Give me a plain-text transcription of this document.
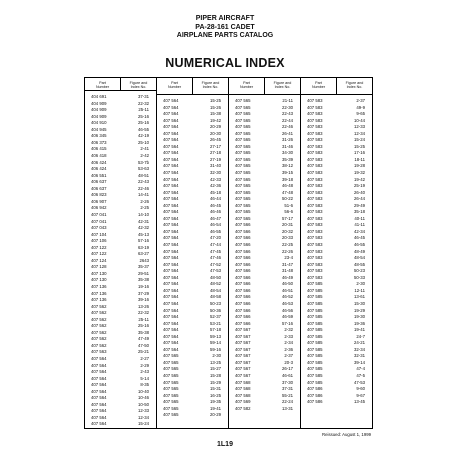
PIPER AIRCRAFT
PA-28-161 CADET
AIRPLANE PARTS CATALOG
NUMERICAL INDEX
Part
Number
Figure and
Index No.
404 691	37-31
404 909	22-32
404 909	25-11
404 909	25-16
404 910	25-16
404 945	46-55
406 345	42-19
406 373	25-10
406 415	2-41
406 418	2-42
406 424	53-7b
406 424	53-63
406 551	48-51
406 637	22-43
406 637	22-46
406 823	14-41
406 907	2-26
406 942	2-25
407 041	14-10
407 041	42-31
407 043	42-32
407 104	45-13
407 106	57-16
407 122	63-19
407 122	63-27
407 124	2643
407 128	35-37
407 130	29-51
407 130	35-38
407 136	19-16
407 136	37-29
407 136	39-16
407 562	13-26
407 562	22-32
407 562	25-11
407 562	25-16
407 562	35-38
407 562	47-49
407 562	47-50
407 563	25-21
407 564	2-27
407 564	2-29
407 564	2-43
407 564	5-14
407 564	8-35
407 564	10-40
407 564	10-46
407 564	10-50
407 564	12-33
407 564	12-34
407 564	15-24
Part
Number
Figure and
Index No.
407 564	15-25
407 564	15-26
407 564	15-38
407 564	19-42
407 564	20-29
407 564	20-30
407 564	26-45
407 564	27-17
407 564	27-18
407 564	27-19
407 564	31-40
407 564	32-30
407 564	42-33
407 564	42-36
407 564	45-18
407 564	46-44
407 564	46-45
407 564	46-46
407 564	46-47
407 564	46-54
407 564	46-55
407 564	47-20
407 564	47-44
407 564	47-45
407 564	47-46
407 564	47-52
407 564	47-53
407 564	48-50
407 564	48-52
407 564	48-54
407 564	48-58
407 564	50-23
407 564	50-36
407 564	52-37
407 564	53-21
407 564	57-18
407 564	59-13
407 564	59-14
407 564	59-16
407 565	2-30
407 565	13-25
407 565	15-27
407 565	15-28
407 565	15-29
407 565	15-31
407 565	16-25
407 565	19-35
407 565	19-41
407 565	20-29
Part
Number
Figure and
Index No.
407 565	21-11
407 565	22-30
407 565	22-43
407 565	22-44
407 565	22-46
407 565	26-41
407 565	31-26
407 565	31-46
407 565	34-30
407 565	35-39
407 565	38-12
407 565	39-15
407 565	39-18
407 565	46-48
407 565	47-48
407 565	50-22
407 565	51-6
407 565	56-6
407 565	57-17
407 566	20-31
407 566	20-32
407 566	20-33
407 566	22-25
407 566	22-26
407 566	23-4
407 566	31-47
407 566	31-48
407 566	46-49
407 566	46-50
407 566	46-51
407 566	46-52
407 566	46-53
407 566	46-56
407 566	46-59
407 566	57-16
407 567	2-32
407 567	2-33
407 567	2-34
407 567	2-36
407 567	2-37
407 567	20-3
407 567	26-17
407 567	46-61
407 568	37-30
407 568	37-31
407 568	55-21
407 569	22-24
407 582	13-31
Part
Number
Figure and
Index No.
407 583	2-37
407 583	49-9
407 583	9-65
407 583	10-44
407 583	12-33
407 583	12-34
407 583	15-24
407 583	15-25
407 583	17-16
407 583	18-11
407 583	19-28
407 583	19-32
407 583	19-42
407 583	25-19
407 583	26-40
407 583	26-44
407 583	29-49
407 583	35-18
407 583	40-11
407 583	41-11
407 583	42-34
407 583	46-45
407 583	46-55
407 583	48-49
407 583	48-54
407 583	48-55
407 583	50-23
407 583	50-33
407 585	2-30
407 585	12-11
407 585	13-61
407 585	15-30
407 585	19-29
407 585	19-30
407 585	19-36
407 585	19-41
407 585	24-7
407 585	24-21
407 585	32-34
407 585	32-31
407 585	39-14
407 585	47-4
407 585	47-5
407 585	47-53
407 586	9-60
407 586	9-67
407 586	13-45
Reissued: August 1, 1999
1L19
